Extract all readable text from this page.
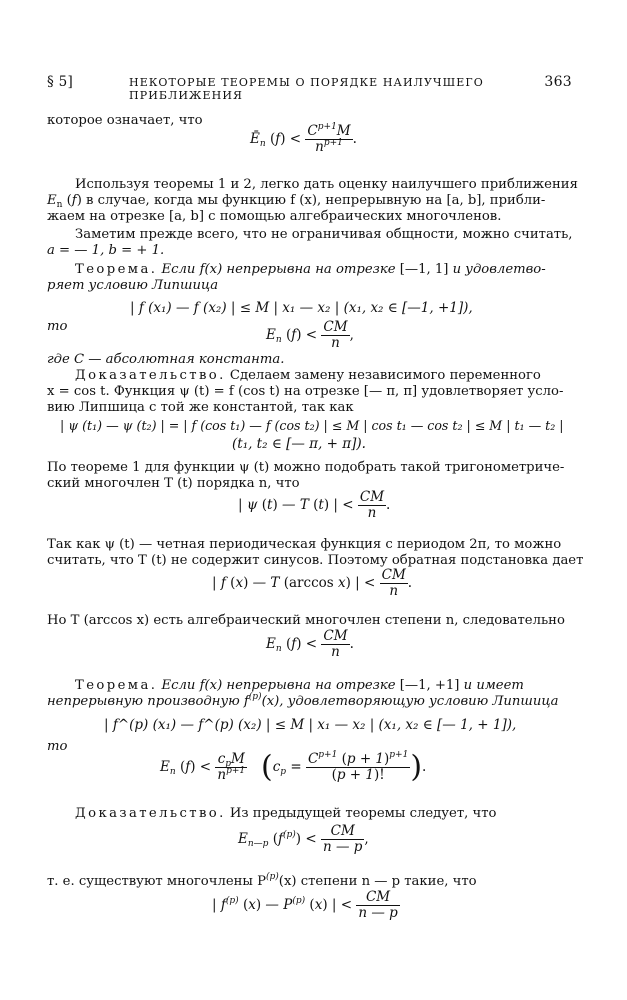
§ 5]	НЕКОТОРЫЕ ТЕОРЕМЫ О ПОРЯДКЕ НАИЛУЧШЕГО ПРИБЛИЖЕНИЯ
363
которое означает, что
$Ē_n$ $(f) < \frac{C^{p+1}M}{n^{p+1}}$ .
Используя теоремы 1 и 2, легко дать оценку наилучшего приближения
$E_n$ (f) в случае, когда мы функцию f (x), непрерывную на [a, b], прибли-
жаем на отрезке [a, b] с помощью алгебраических многочленов.
Заметим прежде всего, что не ограничивая общности, можно считать,
a = — 1, b = + 1.
Теорема. Если f(x) непрерывна на отрезке [—1, 1] и удовлетво-
ряет условию Липшица
| f (x₁) — f (x₂) | ≤ M | x₁ — x₂ | (x₁, x₂ ∈ [—1, +1]),
то
$E_n$ $(f) < \frac{CM}{n}$ ,
где C — абсолютная константа.
Доказательство. Сделаем замену независимого переменного
x = cos t. Функция ψ (t) = f (cos t) на отрезке [— π, π] удовлетворяет усло-
вию Липшица с той же константой, так как
| ψ (t₁) — ψ (t₂) | = | f (cos t₁) — f (cos t₂) | ≤ M | cos t₁ — cos t₂ | ≤ M | t₁ — t₂ |
(t₁, t₂ ∈ [— π, + π]).
По теореме 1 для функции ψ (t) можно подобрать такой тригонометриче-
ский многочлен T (t) порядка n, что
| ψ (t) — T (t) | < $\frac{CM}{n}$ .
Так как ψ (t) — четная периодическая функция с периодом 2π, то можно
считать, что T (t) не содержит синусов. Поэтому обратная подстановка дает
| f (x) — T (arccos x) | < $\frac{CM}{n}$ .
Но T (arccos x) есть алгебраический многочлен степени n, следовательно
$E_n$ $(f) < \frac{CM}{n}$ .
Теорема. Если f(x) непрерывна на отрезке [—1, +1] и имеет
непрерывную производную $f^{(p)}(x)$, удовлетворяющую условию Липшица
| f^(p) (x₁) — f^(p) (x₂) | ≤ M | x₁ — x₂ | (x₁, x₂ ∈ [— 1, + 1]),
то
$E_n$ $(f) < \frac{c_pM}{n^{p+1}} (c_p = \frac{C^{p+1} (p + 1)^{p+1}}{(p + 1)!}$ ).
Доказательство. Из предыдущей теоремы следует, что
$E_{n—p}$ $(f^{(p)}) < \frac{CM}{n — p}$ ,
т. е. существуют многочлены $P^{(p)}(x)$ степени n — p такие, что
| $f^{(p)}$ (x) — $P^{(p)}$ (x) | < $\frac{CM}{n — p}$
